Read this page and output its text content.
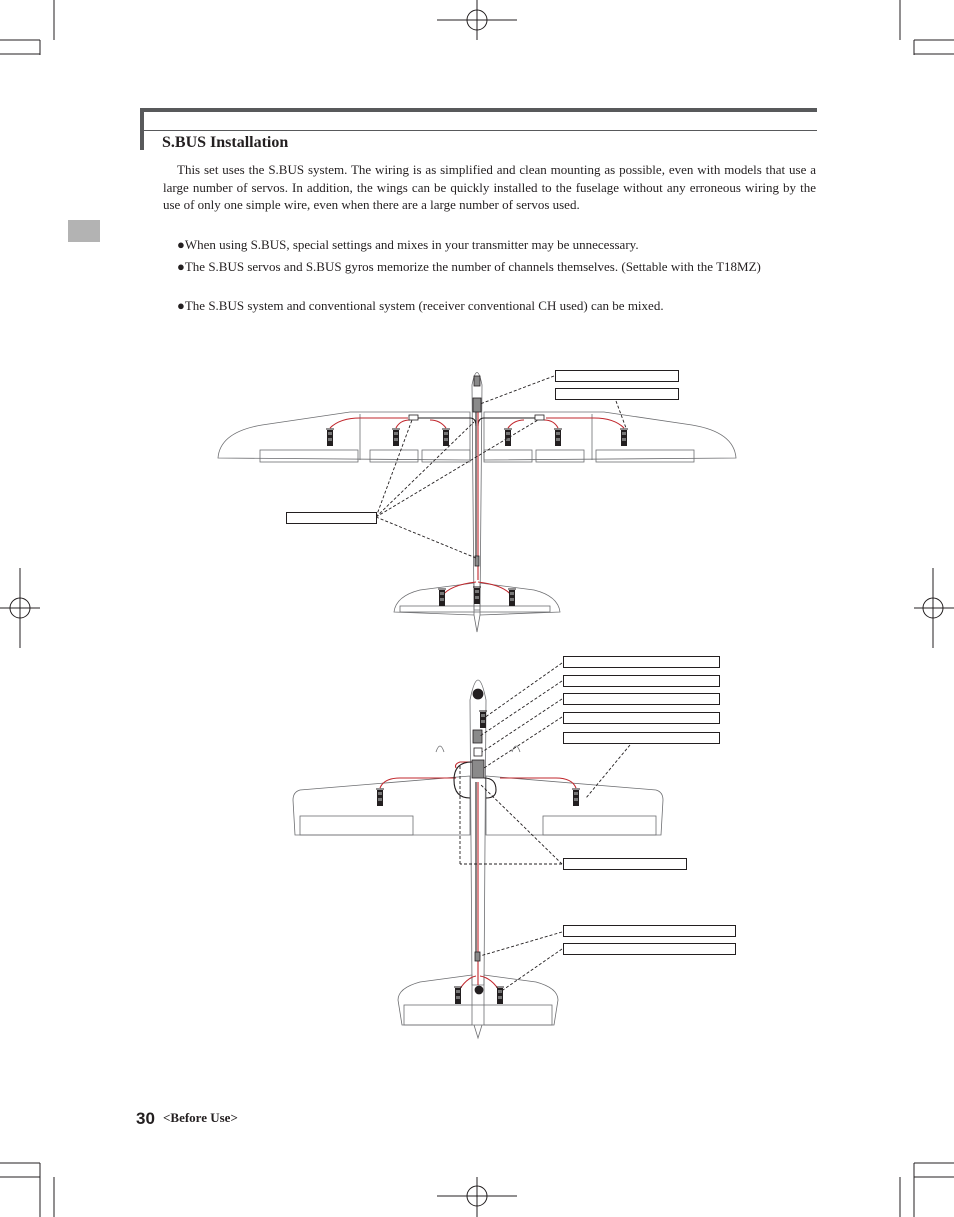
S.BUS Installation

This set uses the S.BUS system. The wiring is as simplified and clean mounting as possible, even with models that use a large number of servos. In addition, the wings can be quickly installed to the fuselage without any erroneous wiring by the use of only one simple wire, even when there are a large number of servos used.

●When using S.BUS, special settings and mixes in your transmitter may be unnecessary.

●The S.BUS servos and S.BUS gyros memorize the number of channels themselves. (Settable with the T18MZ)

●The S.BUS system and conventional system (receiver conventional CH used) can be mixed.

30 <Before Use>
